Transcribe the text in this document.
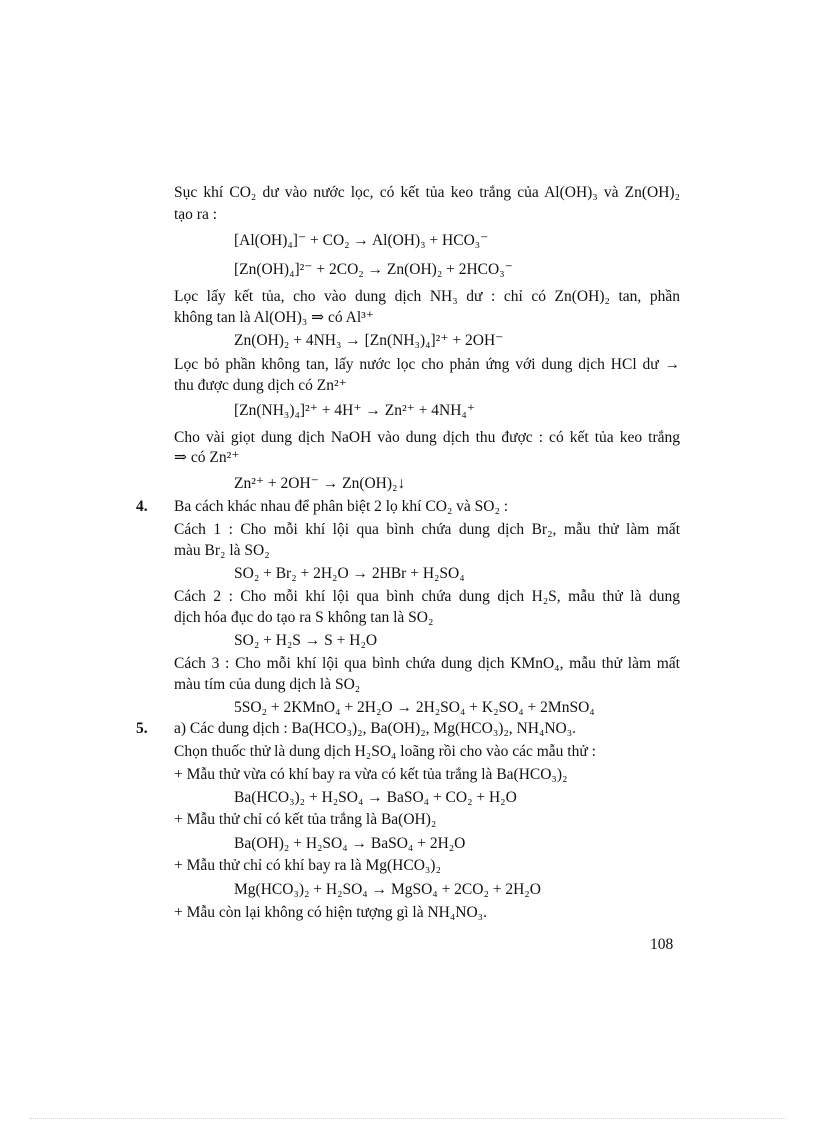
Sục khí CO₂ dư vào nước lọc, có kết tủa keo trắng của Al(OH)₃ và Zn(OH)₂
tạo ra :
[Al(OH)₄]⁻ + CO₂ → Al(OH)₃ + HCO₃⁻
[Zn(OH)₄]²⁻ + 2CO₂ → Zn(OH)₂ + 2HCO₃⁻
Lọc lấy kết tủa, cho vào dung dịch NH₃ dư : chỉ có Zn(OH)₂ tan, phần
không tan là Al(OH)₃ ⇒ có Al³⁺
Zn(OH)₂ + 4NH₃ → [Zn(NH₃)₄]²⁺ + 2OH⁻
Lọc bỏ phần không tan, lấy nước lọc cho phản ứng với dung dịch HCl dư →
thu được dung dịch có Zn²⁺
[Zn(NH₃)₄]²⁺ + 4H⁺ → Zn²⁺ + 4NH₄⁺
Cho vài giọt dung dịch NaOH vào dung dịch thu được : có kết tủa keo trắng
⇒ có Zn²⁺
Zn²⁺ + 2OH⁻ → Zn(OH)₂↓
4. Ba cách khác nhau để phân biệt 2 lọ khí CO₂ và SO₂ :
Cách 1 : Cho mỗi khí lội qua bình chứa dung dịch Br₂, mẫu thử làm mất
màu Br₂ là SO₂
SO₂ + Br₂ + 2H₂O → 2HBr + H₂SO₄
Cách 2 : Cho mỗi khí lội qua bình chứa dung dịch H₂S, mẫu thử là dung
dịch hóa đục do tạo ra S không tan là SO₂
SO₂ + H₂S → S + H₂O
Cách 3 : Cho mỗi khí lội qua bình chứa dung dịch KMnO₄, mẫu thử làm mất
màu tím của dung dịch là SO₂
5SO₂ + 2KMnO₄ + 2H₂O → 2H₂SO₄ + K₂SO₄ + 2MnSO₄
5. a) Các dung dịch : Ba(HCO₃)₂, Ba(OH)₂, Mg(HCO₃)₂, NH₄NO₃.
Chọn thuốc thử là dung dịch H₂SO₄ loãng rồi cho vào các mẫu thử :
+ Mẫu thử vừa có khí bay ra vừa có kết tủa trắng là Ba(HCO₃)₂
Ba(HCO₃)₂ + H₂SO₄ → BaSO₄ + CO₂ + H₂O
+ Mẫu thử chỉ có kết tủa trắng là Ba(OH)₂
Ba(OH)₂ + H₂SO₄ → BaSO₄ + 2H₂O
+ Mẫu thử chỉ có khí bay ra là Mg(HCO₃)₂
Mg(HCO₃)₂ + H₂SO₄ → MgSO₄ + 2CO₂ + 2H₂O
+ Mẫu còn lại không có hiện tượng gì là NH₄NO₃.
108
